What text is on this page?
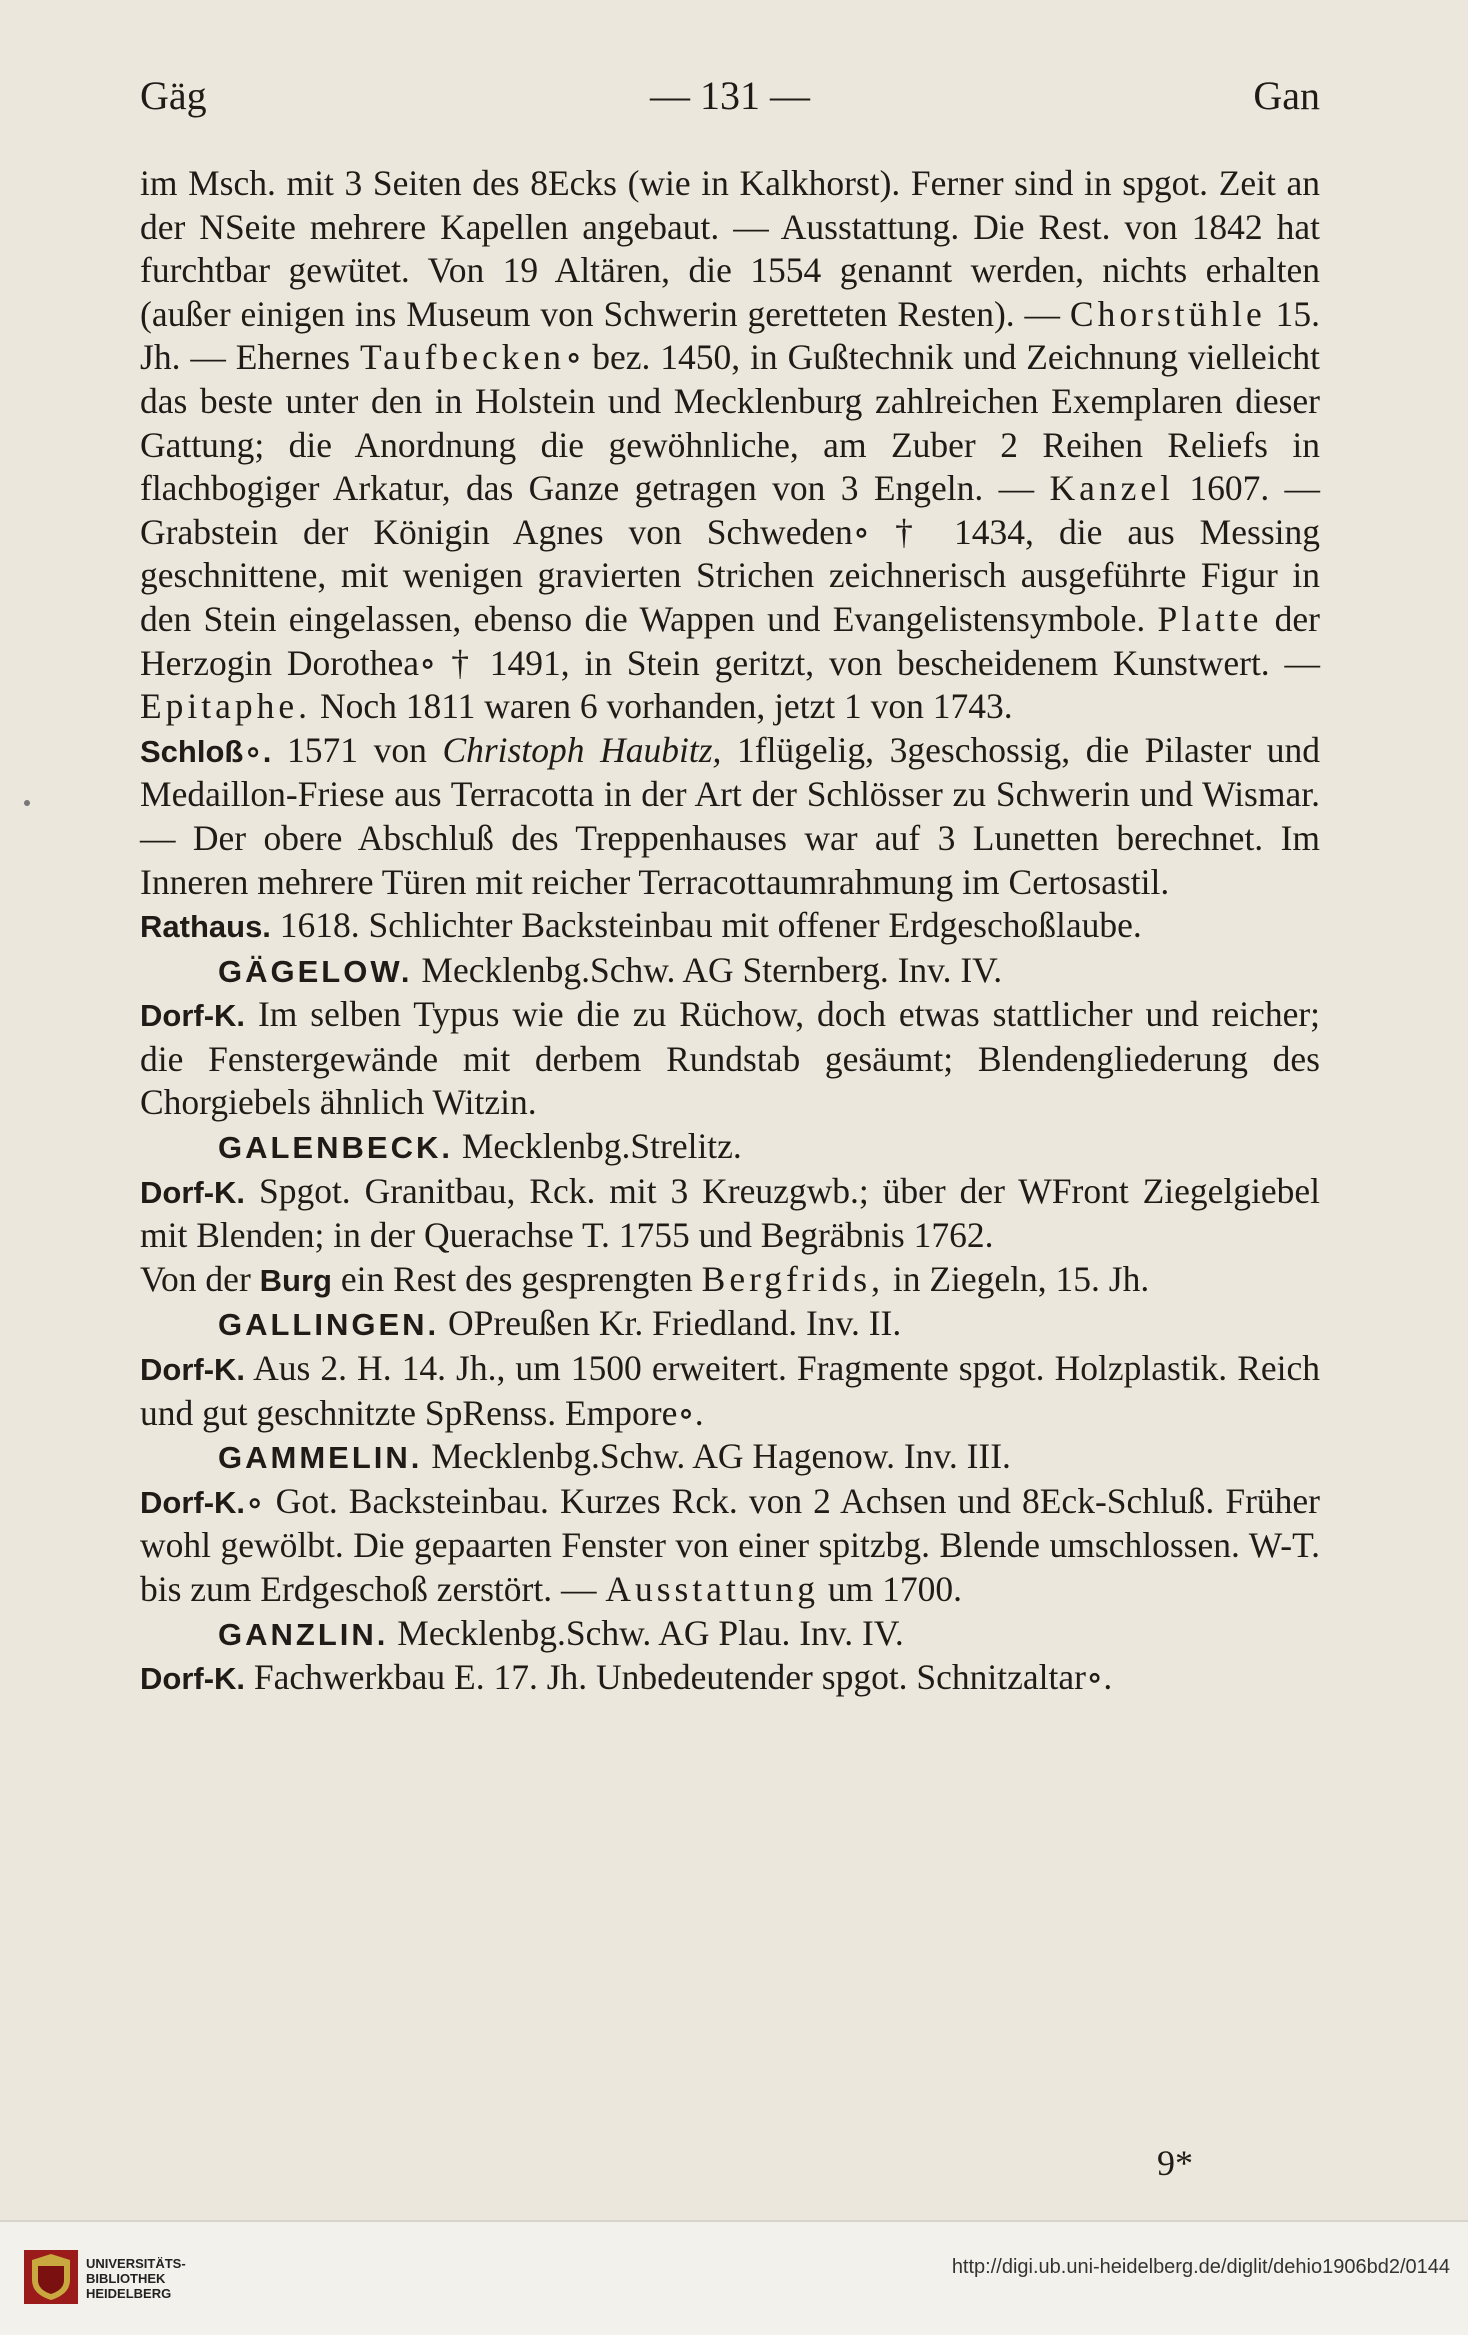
Gäg	— 131 —	Gan

im Msch. mit 3 Seiten des 8Ecks (wie in Kalkhorst). Ferner sind in spgot. Zeit an der NSeite mehrere Kapellen angebaut. — Ausstattung. Die Rest. von 1842 hat furchtbar gewütet. Von 19 Altären, die 1554 genannt werden, nichts erhalten (außer einigen ins Museum von Schwerin geretteten Resten). — Chorstühle 15. Jh. — Ehernes Taufbecken∘ bez. 1450, in Gußtechnik und Zeichnung vielleicht das beste unter den in Holstein und Mecklenburg zahlreichen Exemplaren dieser Gattung; die Anordnung die gewöhnliche, am Zuber 2 Reihen Reliefs in flachbogiger Arkatur, das Ganze getragen von 3 Engeln. — Kanzel 1607. — Grabstein der Königin Agnes von Schweden∘ † 1434, die aus Messing geschnittene, mit wenigen gravierten Strichen zeichnerisch ausgeführte Figur in den Stein eingelassen, ebenso die Wappen und Evangelistensymbole. Platte der Herzogin Dorothea∘ † 1491, in Stein geritzt, von bescheidenem Kunstwert. — Epitaphe. Noch 1811 waren 6 vorhanden, jetzt 1 von 1743.

Schloß∘. 1571 von Christoph Haubitz, 1flügelig, 3geschossig, die Pilaster und Medaillon-Friese aus Terracotta in der Art der Schlösser zu Schwerin und Wismar. — Der obere Abschluß des Treppenhauses war auf 3 Lunetten berechnet. Im Inneren mehrere Türen mit reicher Terracottaumrahmung im Certosastil.

Rathaus. 1618. Schlichter Backsteinbau mit offener Erdgeschoßlaube.

GÄGELOW. Mecklenbg.Schw. AG Sternberg. Inv. IV.

Dorf-K. Im selben Typus wie die zu Rüchow, doch etwas stattlicher und reicher; die Fenstergewände mit derbem Rundstab gesäumt; Blendengliederung des Chorgiebels ähnlich Witzin.

GALENBECK. Mecklenbg.Strelitz.

Dorf-K. Spgot. Granitbau, Rck. mit 3 Kreuzgwb.; über der WFront Ziegelgiebel mit Blenden; in der Querachse T. 1755 und Begräbnis 1762.

Von der Burg ein Rest des gesprengten Bergfrids, in Ziegeln, 15. Jh.

GALLINGEN. OPreußen Kr. Friedland. Inv. II.

Dorf-K. Aus 2. H. 14. Jh., um 1500 erweitert. Fragmente spgot. Holzplastik. Reich und gut geschnitzte SpRenss. Empore∘.

GAMMELIN. Mecklenbg.Schw. AG Hagenow. Inv. III.

Dorf-K.∘ Got. Backsteinbau. Kurzes Rck. von 2 Achsen und 8Eck-Schluß. Früher wohl gewölbt. Die gepaarten Fenster von einer spitzbg. Blende umschlossen. W-T. bis zum Erdgeschoß zerstört. — Ausstattung um 1700.

GANZLIN. Mecklenbg.Schw. AG Plau. Inv. IV.

Dorf-K. Fachwerkbau E. 17. Jh. Unbedeutender spgot. Schnitzaltar∘.

9*
UNIVERSITÄTS-
BIBLIOTHEK
HEIDELBERG
http://digi.ub.uni-heidelberg.de/diglit/dehio1906bd2/0144
